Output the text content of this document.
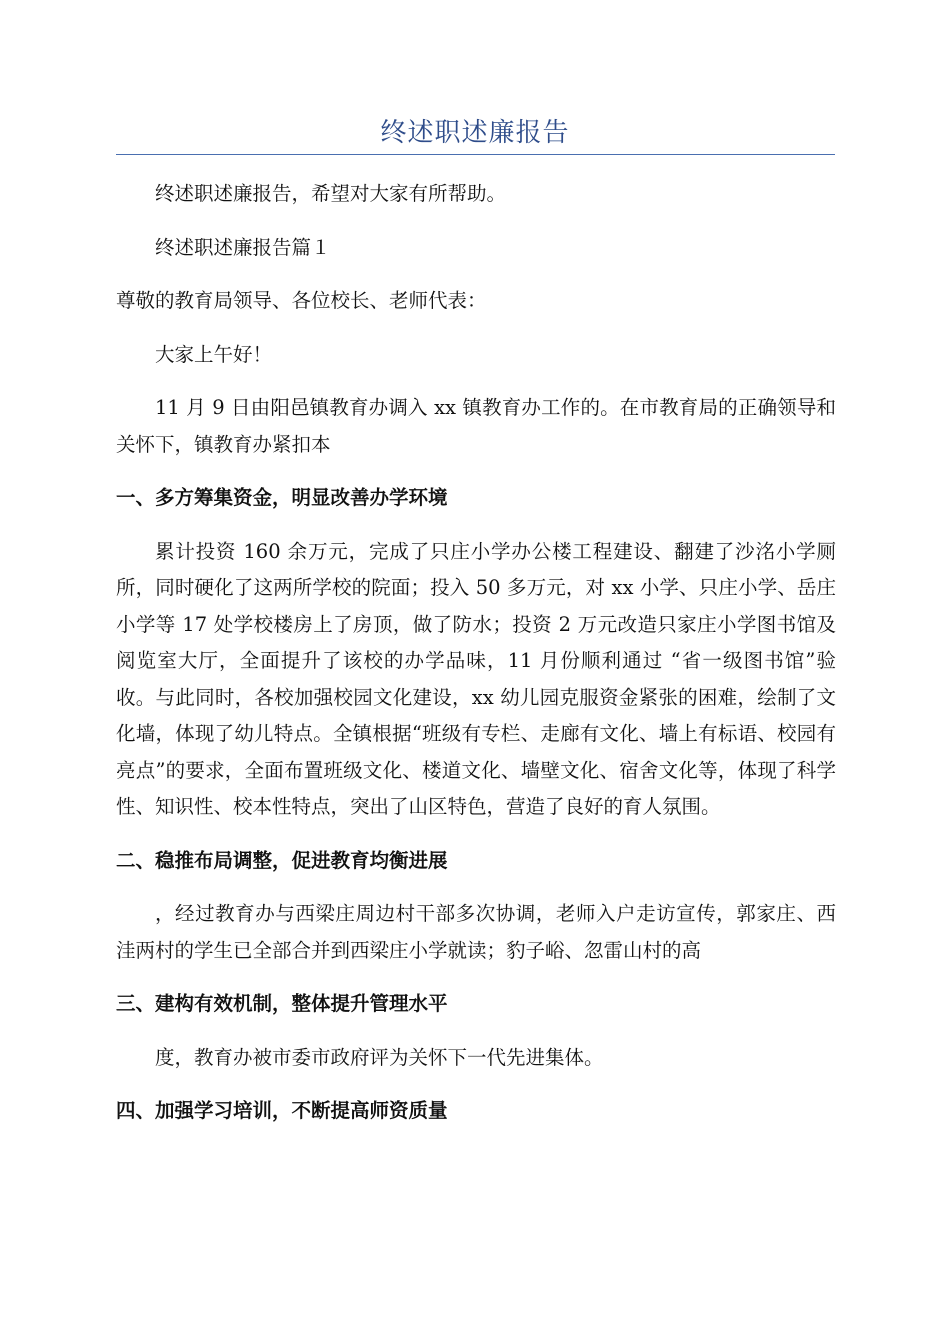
终述职述廉报告

终述职述廉报告，希望对大家有所帮助。

终述职述廉报告篇１

尊敬的教育局领导、各位校长、老师代表：

大家上午好！

11 月 9 日由阳邑镇教育办调入 xx 镇教育办工作的。在市教育局的正确领导和关怀下，镇教育办紧扣本

一、多方筹集资金，明显改善办学环境

累计投资 160 余万元，完成了只庄小学办公楼工程建设、翻建了沙洺小学厕所，同时硬化了这两所学校的院面；投入 50 多万元，对 xx 小学、只庄小学、岳庄小学等 17 处学校楼房上了房顶，做了防水；投资 2 万元改造只家庄小学图书馆及阅览室大厅，全面提升了该校的办学品味，11 月份顺利通过 “省一级图书馆”验收。与此同时，各校加强校园文化建设，xx 幼儿园克服资金紧张的困难，绘制了文化墙，体现了幼儿特点。全镇根据“班级有专栏、走廊有文化、墙上有标语、校园有亮点”的要求，全面布置班级文化、楼道文化、墙壁文化、宿舍文化等，体现了科学性、知识性、校本性特点，突出了山区特色，营造了良好的育人氛围。

二、稳推布局调整，促进教育均衡进展

，经过教育办与西梁庄周边村干部多次协调，老师入户走访宣传，郭家庄、西洼两村的学生已全部合并到西梁庄小学就读；豹子峪、忽雷山村的高

三、建构有效机制，整体提升管理水平

度，教育办被市委市政府评为关怀下一代先进集体。

四、加强学习培训，不断提高师资质量
